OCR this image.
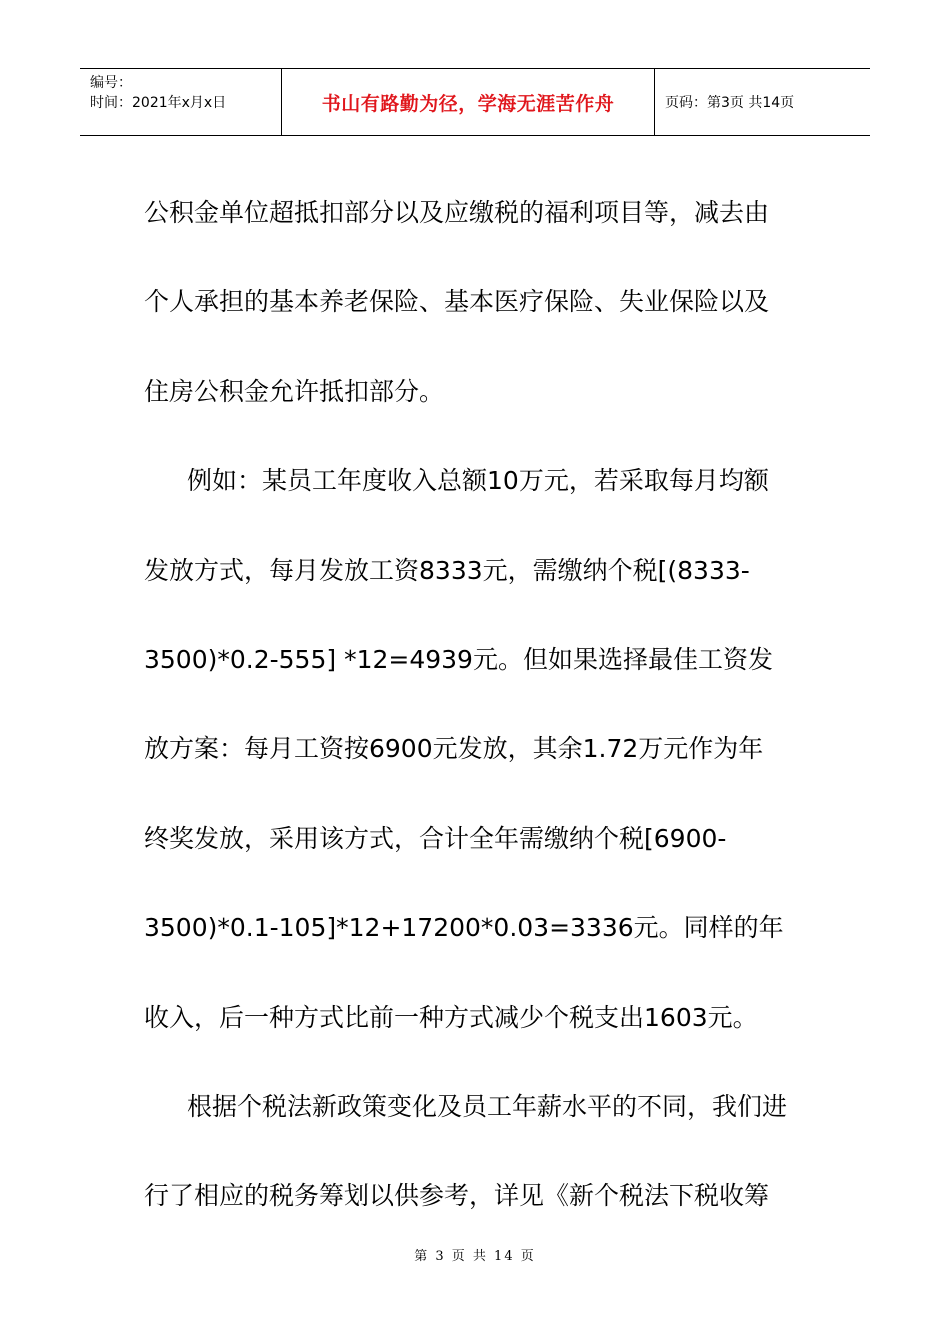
编号：
时间：2021年x月x日	书山有路勤为径，学海无涯苦作舟	页码：第3页 共14页
公积金单位超抵扣部分以及应缴税的福利项目等，减去由
个人承担的基本养老保险、基本医疗保险、失业保险以及
住房公积金允许抵扣部分。
例如：某员工年度收入总额10万元，若采取每月均额
发放方式，每月发放工资8333元，需缴纳个税[(8333-
3500)*0.2-555] *12=4939元。但如果选择最佳工资发
放方案：每月工资按6900元发放，其余1.72万元作为年
终奖发放，采用该方式，合计全年需缴纳个税[6900-
3500)*0.1-105]*12+17200*0.03=3336元。同样的年
收入，后一种方式比前一种方式减少个税支出1603元。
根据个税法新政策变化及员工年薪水平的不同，我们进
行了相应的税务筹划以供参考，详见《新个税法下税收筹
第 3 页 共 14 页
